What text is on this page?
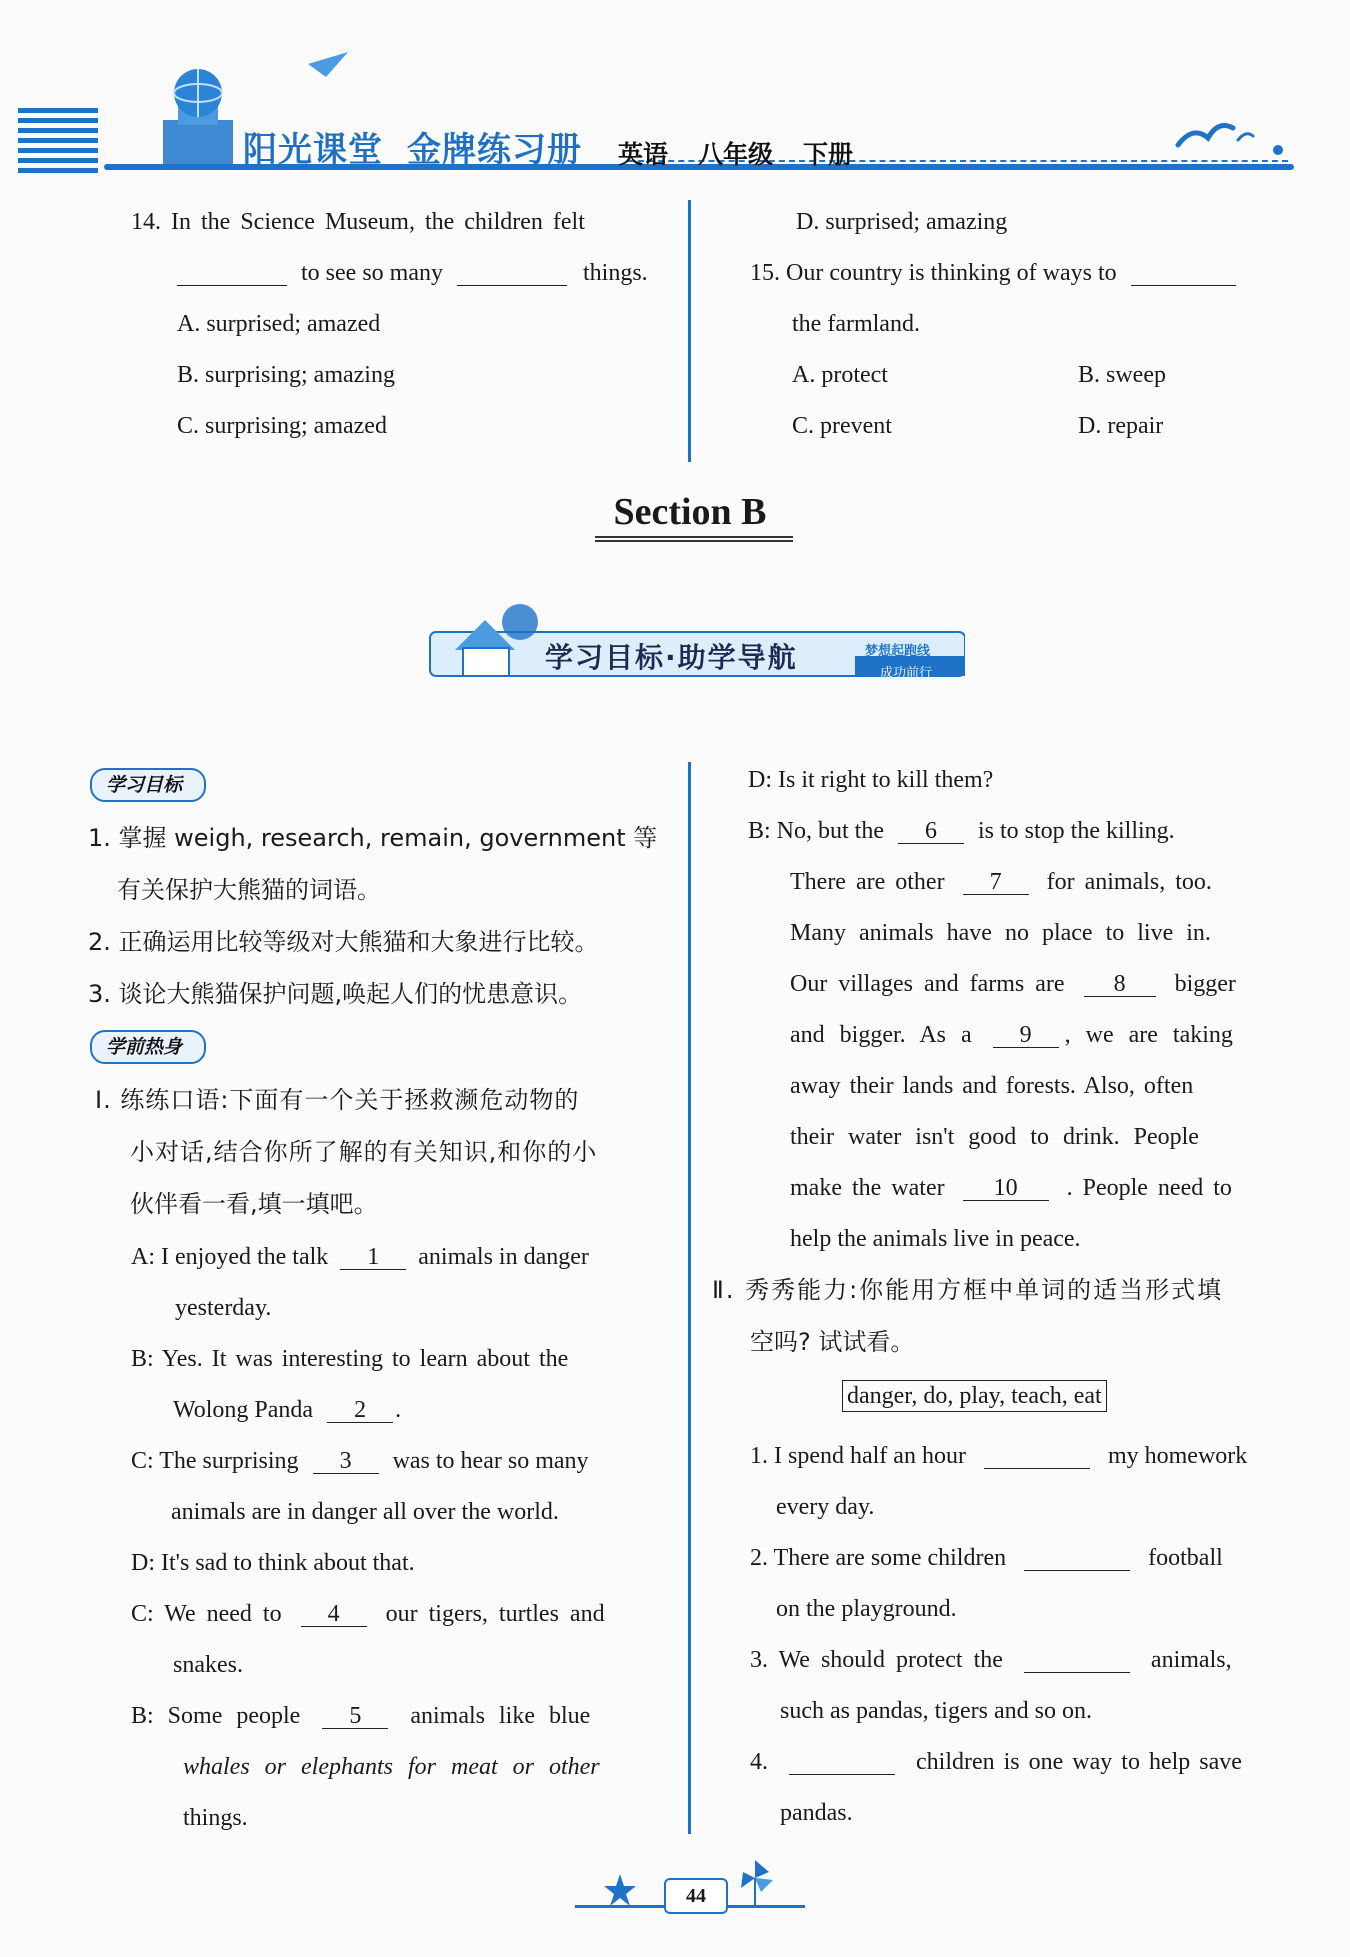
阳光课堂 金牌练习册	英语 八年级 下册
14. In the Science Museum, the children felt
to see so many	things.
A. surprised; amazed
B. surprising; amazing
C. surprising; amazed
D. surprised; amazing
15. Our country is thinking of ways to
the farmland.
A. protect	B. sweep
C. prevent	D. repair
Section B
学习目标·助学导航	梦想起跑线
成功前行
学习目标
1. 掌握 weigh, research, remain, government 等
有关保护大熊猫的词语。
2. 正确运用比较等级对大熊猫和大象进行比较。
3. 谈论大熊猫保护问题,唤起人们的忧患意识。
学前热身
Ⅰ. 练练口语:下面有一个关于拯救濒危动物的
小对话,结合你所了解的有关知识,和你的小
伙伴看一看,填一填吧。
A: I enjoyed the talk 1 animals in danger
yesterday.
B: Yes. It was interesting to learn about the
Wolong Panda 2 .
C: The surprising 3 was to hear so many
animals are in danger all over the world.
D: It's sad to think about that.
C: We need to 4 our tigers, turtles and
snakes.
B: Some people 5 animals like blue
whales or elephants for meat or other
things.
D: Is it right to kill them?
B: No, but the 6 is to stop the killing.
There are other 7 for animals, too.
Many animals have no place to live in.
Our villages and farms are 8 bigger
and bigger. As a 9 , we are taking
away their lands and forests. Also, often
their water isn't good to drink. People
make the water 10 . People need to
help the animals live in peace.
Ⅱ. 秀秀能力:你能用方框中单词的适当形式填
空吗? 试试看。
danger, do, play, teach, eat
1. I spend half an hour	my homework
every day.
2. There are some children	football
on the playground.
3. We should protect the	animals,
such as pandas, tigers and so on.
4.	children is one way to help save
pandas.
44
